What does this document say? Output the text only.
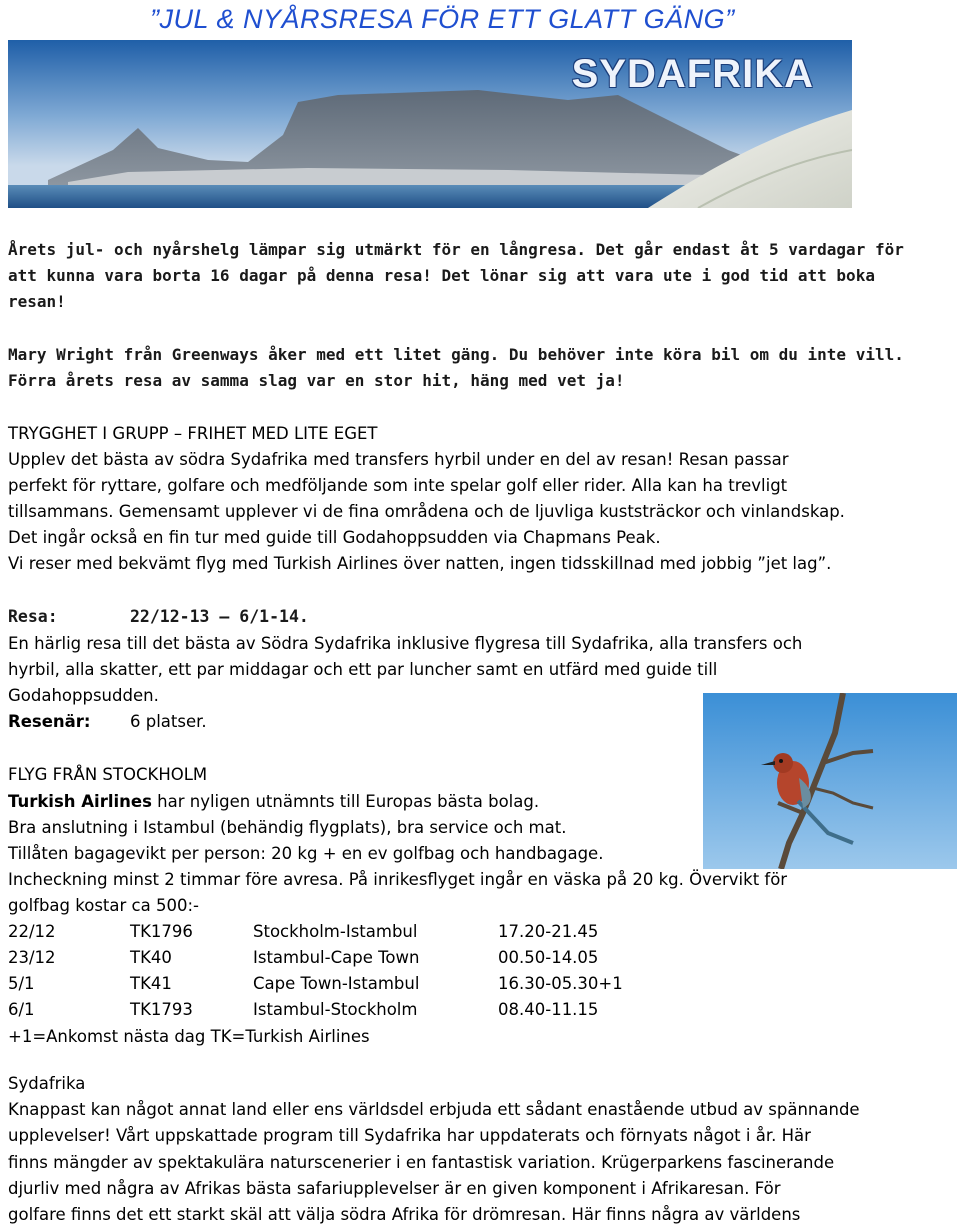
”JUL & NYÅRSRESA FÖR ETT GLATT GÄNG”
SYDAFRIKA

Årets jul- och nyårshelg lämpar sig utmärkt för en långresa. Det går endast åt 5 vardagar för

att kunna vara borta 16 dagar på denna resa! Det lönar sig att vara ute i god tid att boka

resan!

Mary Wright från Greenways åker med ett litet gäng. Du behöver inte köra bil om du inte vill.

Förra årets resa av samma slag var en stor hit, häng med vet ja!

TRYGGHET I GRUPP – FRIHET MED LITE EGET

Upplev det bästa av södra Sydafrika med transfers hyrbil under en del av resan! Resan passar

perfekt för ryttare, golfare och medföljande som inte spelar golf eller rider. Alla kan ha trevligt

tillsammans. Gemensamt upplever vi de fina områdena och de ljuvliga kuststräckor och vinlandskap.

Det ingår också en fin tur med guide till Godahoppsudden via Chapmans Peak.

Vi reser med bekvämt flyg med Turkish Airlines över natten, ingen tidsskillnad med jobbig ”jet lag”.

Resa:	22/12-13 – 6/1-14.

En härlig resa till det bästa av Södra Sydafrika inklusive flygresa till Sydafrika, alla transfers och

hyrbil, alla skatter, ett par middagar och ett par luncher samt en utfärd med guide till

Godahoppsudden.

Resenär: 6 platser.

FLYG FRÅN STOCKHOLM

Turkish Airlines har nyligen utnämnts till Europas bästa bolag.

Bra anslutning i Istambul (behändig flygplats), bra service och mat.

Tillåten bagagevikt per person: 20 kg + en ev golfbag och handbagage.

Incheckning minst 2 timmar före avresa. På inrikesflyget ingår en väska på 20 kg. Övervikt för

golfbag kostar ca 500:-

22/12	TK1796	Stockholm-Istambul	17.20-21.45
23/12	TK40	Istambul-Cape Town	00.50-14.05
5/1	TK41	Cape Town-Istambul	16.30-05.30+1
6/1	TK1793	Istambul-Stockholm	08.40-11.15

+1=Ankomst nästa dag TK=Turkish Airlines

Sydafrika

Knappast kan något annat land eller ens världsdel erbjuda ett sådant enastående utbud av spännande

upplevelser! Vårt uppskattade program till Sydafrika har uppdaterats och förnyats något i år. Här

finns mängder av spektakulära naturscenerier i en fantastisk variation. Krügerparkens fascinerande

djurliv med några av Afrikas bästa safariupplevelser är en given komponent i Afrikaresan. För

golfare finns det ett starkt skäl att välja södra Afrika för drömresan. Här finns några av världens
